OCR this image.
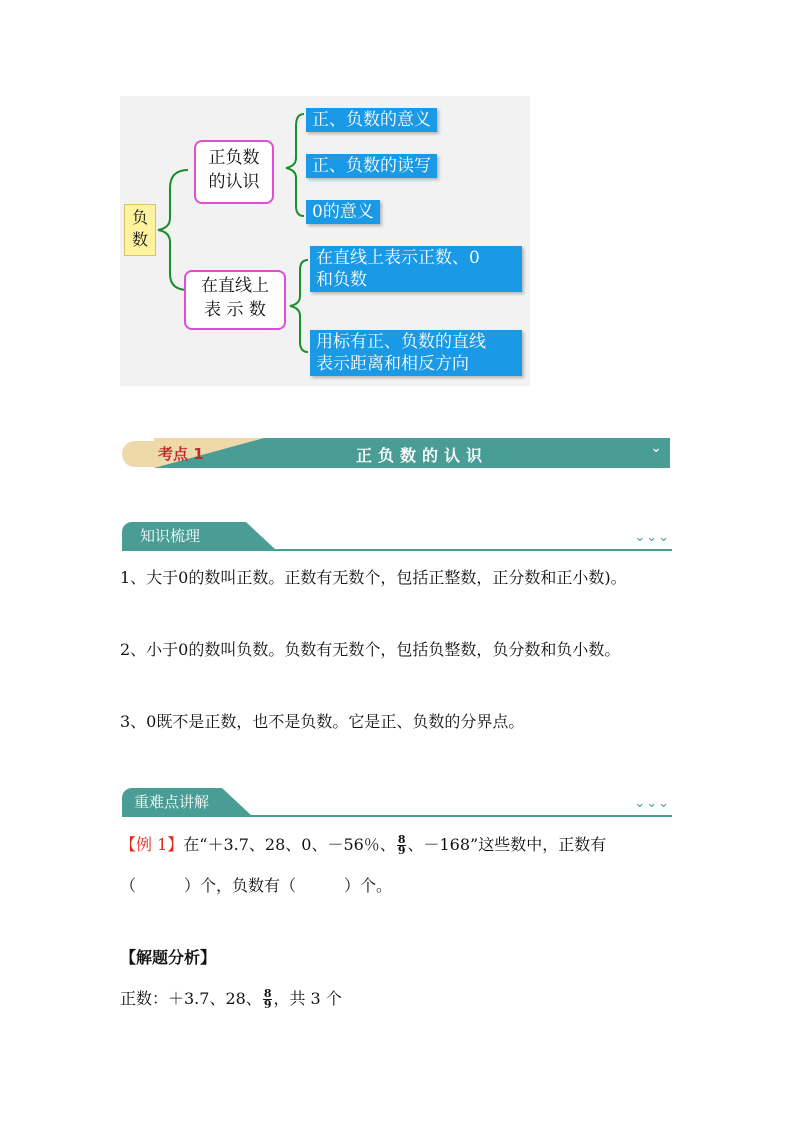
负数
正负数
的认识
正、负数的意义
正、负数的读写
0的意义
在直线上
表 示 数
在直线上表示正数、0
和负数
用标有正、负数的直线
表示距离和相反方向
考点 1	正负数的认识	⌄
知识梳理	⌄⌄⌄
1、大于0的数叫正数。正数有无数个，包括正整数，正分数和正小数)。
2、小于0的数叫负数。负数有无数个，包括负整数，负分数和负小数。
3、0既不是正数，也不是负数。它是正、负数的分界点。
重难点讲解	⌄⌄⌄
【例 1】在“＋3.7、28、0、－56％、 $\frac{8}{9}$ 、－168”这些数中，正数有
（　　　）个，负数有（　　　）个。
【解题分析】
正数：＋3.7、28、 $\frac{8}{9}$ ，共 3 个
